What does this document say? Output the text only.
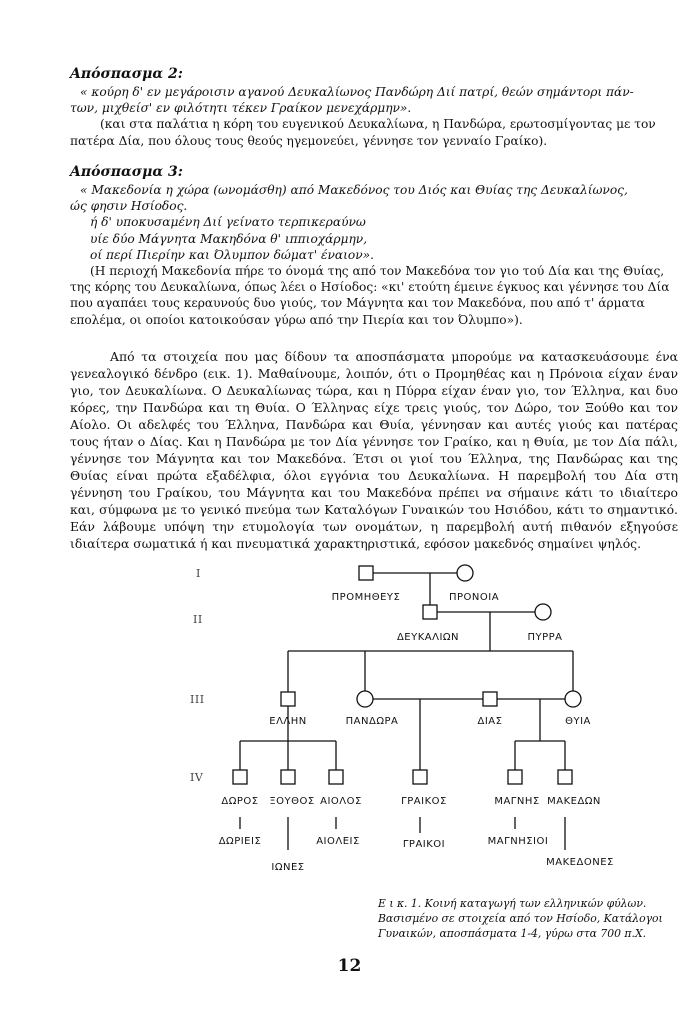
Απόσπασμα 2:

« κούρη δ' εν μεγάροισιν αγανού Δευκαλίωνος Πανδώρη Διί πατρί, θεών σημάντορι πάν-

των, μιχθείσ' εν φιλότητι τέκεν Γραίκον μενεχάρμην».

(και στα παλάτια η κόρη του ευγενικού Δευκαλίωνα, η Πανδώρα, ερωτοσμίγοντας με τον πατέρα Δία, που όλους τους θεούς ηγεμονεύει, γέννησε τον γενναίο Γραίκο).

Απόσπασμα 3:

« Μακεδονία η χώρα (ωνομάσθη) από Μακεδόνος του Διός και Θυίας της Δευκαλίωνος,

ώς φησιν Ησίοδος.

ή δ' υποκυσαμένη Διί γείνατο τερπικεραύνω

υίε δύο Μάγνητα Μακηδόνα θ' ιππιοχάρμην,

οί περί Πιερίην και Όλυμπον δώματ' έναιον».

(Η περιοχή Μακεδονία πήρε το όνομά της από τον Μακεδόνα τον γιο τού Δία και της Θυίας, της κόρης του Δευκαλίωνα, όπως λέει ο Ησίοδος: «κι' ετούτη έμεινε έγκυος και γέννησε του Δία που αγαπάει τους κεραυνούς δυο γιούς, τον Μάγνητα και τον Μακεδόνα, που από τ' άρματα επολέμα, οι οποίοι κατοικούσαν γύρω από την Πιερία και τον Όλυμπο»).

Από τα στοιχεία που μας δίδουν τα αποσπάσματα μπορούμε να κατασκευάσουμε ένα γενεαλογικό δένδρο (εικ. 1). Μαθαίνουμε, λοιπόν, ότι ο Προμηθέας και η Πρόνοια είχαν έναν γιο, τον Δευκαλίωνα. Ο Δευκαλίωνας τώρα, και η Πύρρα είχαν έναν γιο, τον Έλληνα, και δυο κόρες, την Πανδώρα και τη Θυία. Ο Έλληνας είχε τρεις γιούς, τον Δώρο, τον Ξούθο και τον Αίολο. Οι αδελφές του Έλληνα, Πανδώρα και Θυία, γέννησαν και αυτές γιούς και πατέρας τους ήταν ο Δίας. Και η Πανδώρα με τον Δία γέννησε τον Γραίκο, και η Θυία, με τον Δία πάλι, γέννησε τον Μάγνητα και τον Μακεδόνα. Έτσι οι γιοί του Έλληνα, της Πανδώρας και της Θυίας είναι πρώτα εξαδέλφια, όλοι εγγόνια του Δευκαλίωνα. Η παρεμβολή του Δία στη γέννηση του Γραίκου, του Μάγνητα και του Μακεδόνα πρέπει να σήμαινε κάτι το ιδιαίτερο και, σύμφωνα με το γενικό πνεύμα των Καταλόγων Γυναικών του Ησιόδου, κάτι το σημαντικό. Εάν λάβουμε υπόψη την ετυμολογία των ονομάτων, η παρεμβολή αυτή πιθανόν εξηγούσε ιδιαίτερα σωματικά ή και πνευματικά χαρακτηριστικά, εφόσον μακεδνός σημαίνει ψηλός.

I
II
III
IV
ΠΡΟΜΗΘΕΥΣ	ΠΡΟΝΟΙΑ
ΔΕΥΚΑΛΙΩΝ	ΠΥΡΡΑ
ΕΛΛΗΝ	ΠΑΝΔΩΡΑ	ΔΙΑΣ	ΘΥΙΑ
ΔΩΡΟΣ ΞΟΥΘΟΣ ΑΙΟΛΟΣ	ΓΡΑΙΚΟΣ	ΜΑΓΝΗΣ ΜΑΚΕΔΩΝ
ΔΩΡΙΕΙΣ
ΙΩΝΕΣ
ΑΙΟΛΕΙΣ	ΓΡΑΙΚΟΙ	ΜΑΓΝΗΣΙΟΙ
ΜΑΚΕΔΟΝΕΣ
Ε ι κ. 1. Κοινή καταγωγή των ελληνικών φύλων.
Βασισμένο σε στοιχεία από τον Ησίοδο, Κατάλογοι
Γυναικών, αποσπάσματα 1-4, γύρω στα 700 π.Χ.
12
